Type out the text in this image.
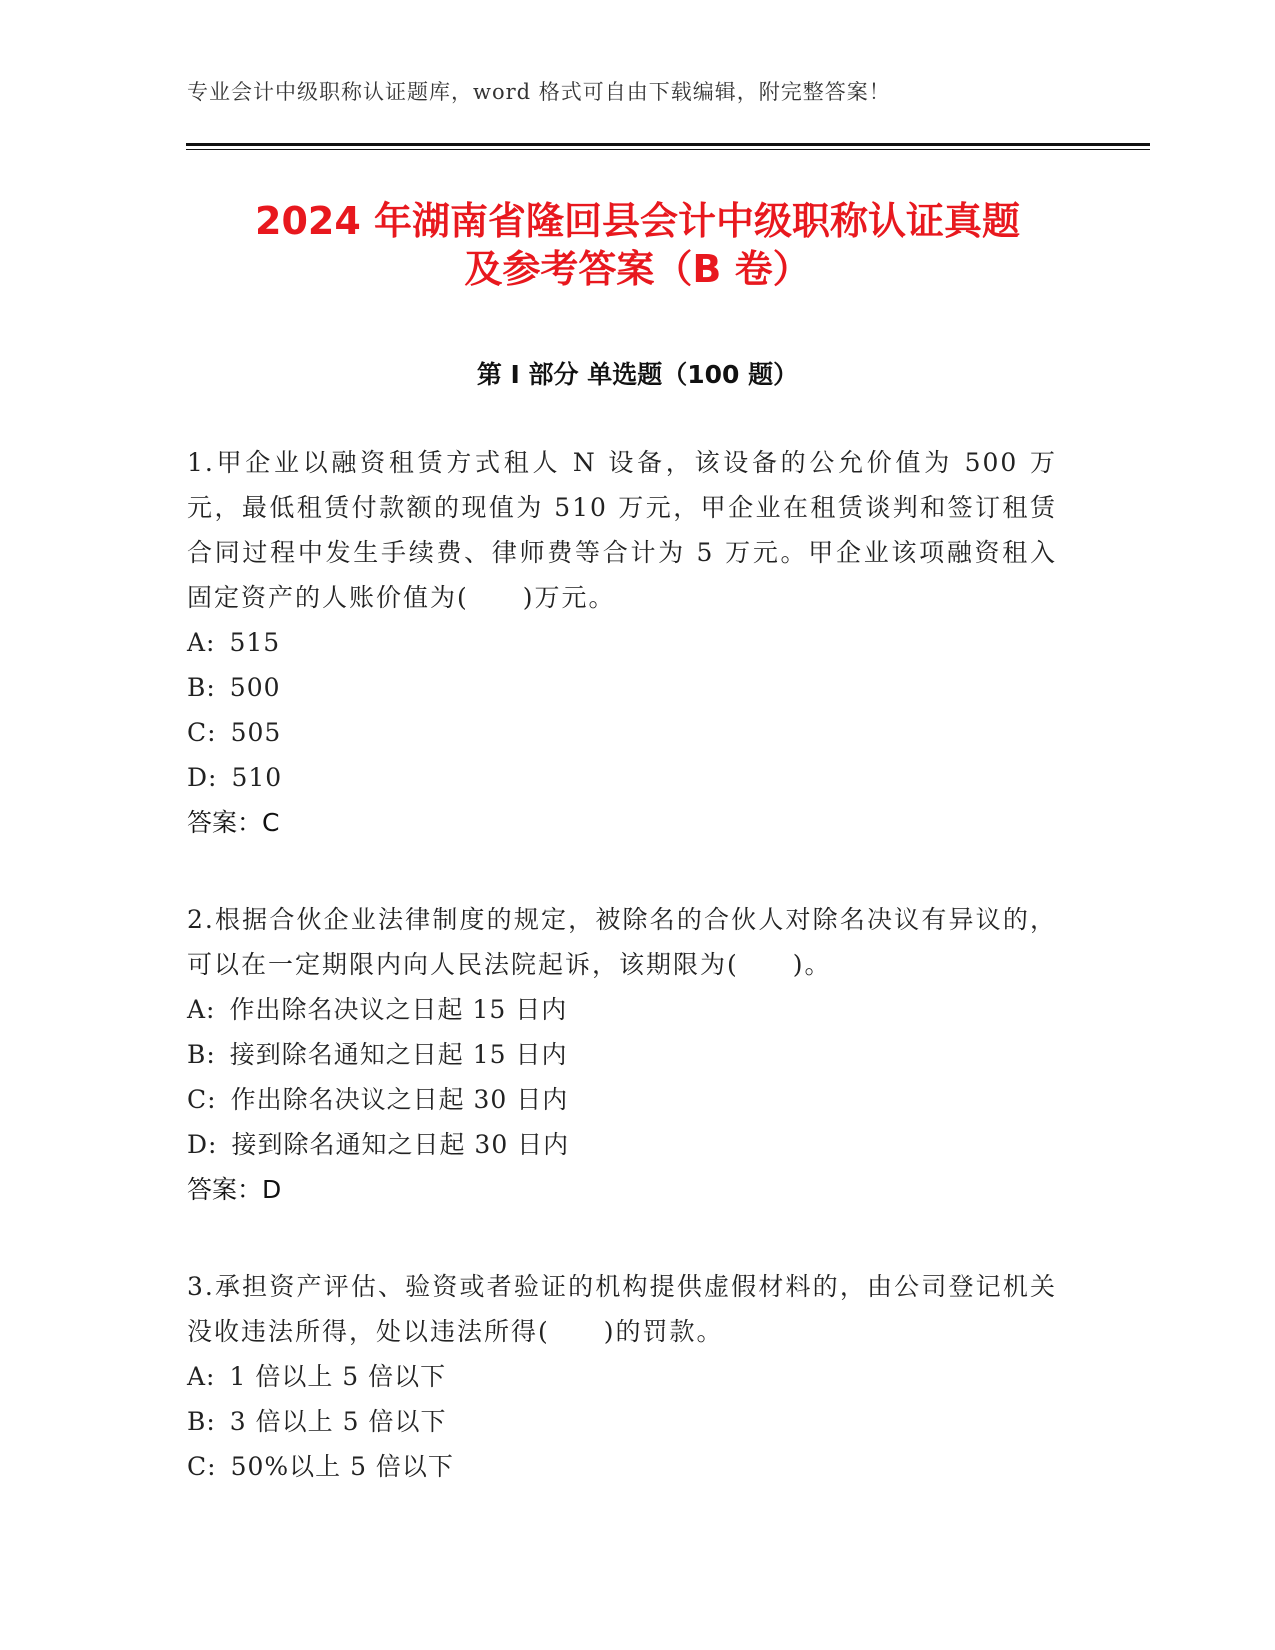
专业会计中级职称认证题库，word 格式可自由下载编辑，附完整答案！
2024 年湖南省隆回县会计中级职称认证真题
及参考答案（B 卷）
第 I 部分 单选题（100 题）
1.甲企业以融资租赁方式租人 N 设备，该设备的公允价值为 500 万元，最低租赁付款额的现值为 510 万元，甲企业在租赁谈判和签订租赁合同过程中发生手续费、律师费等合计为 5 万元。甲企业该项融资租入固定资产的人账价值为(　　)万元。
A: 515
B: 500
C: 505
D: 510
答案：C
2.根据合伙企业法律制度的规定，被除名的合伙人对除名决议有异议的，可以在一定期限内向人民法院起诉，该期限为(　　)。
A: 作出除名决议之日起 15 日内
B: 接到除名通知之日起 15 日内
C: 作出除名决议之日起 30 日内
D: 接到除名通知之日起 30 日内
答案：D
3.承担资产评估、验资或者验证的机构提供虚假材料的，由公司登记机关没收违法所得，处以违法所得(　　)的罚款。
A: 1 倍以上 5 倍以下
B: 3 倍以上 5 倍以下
C: 50%以上 5 倍以下
